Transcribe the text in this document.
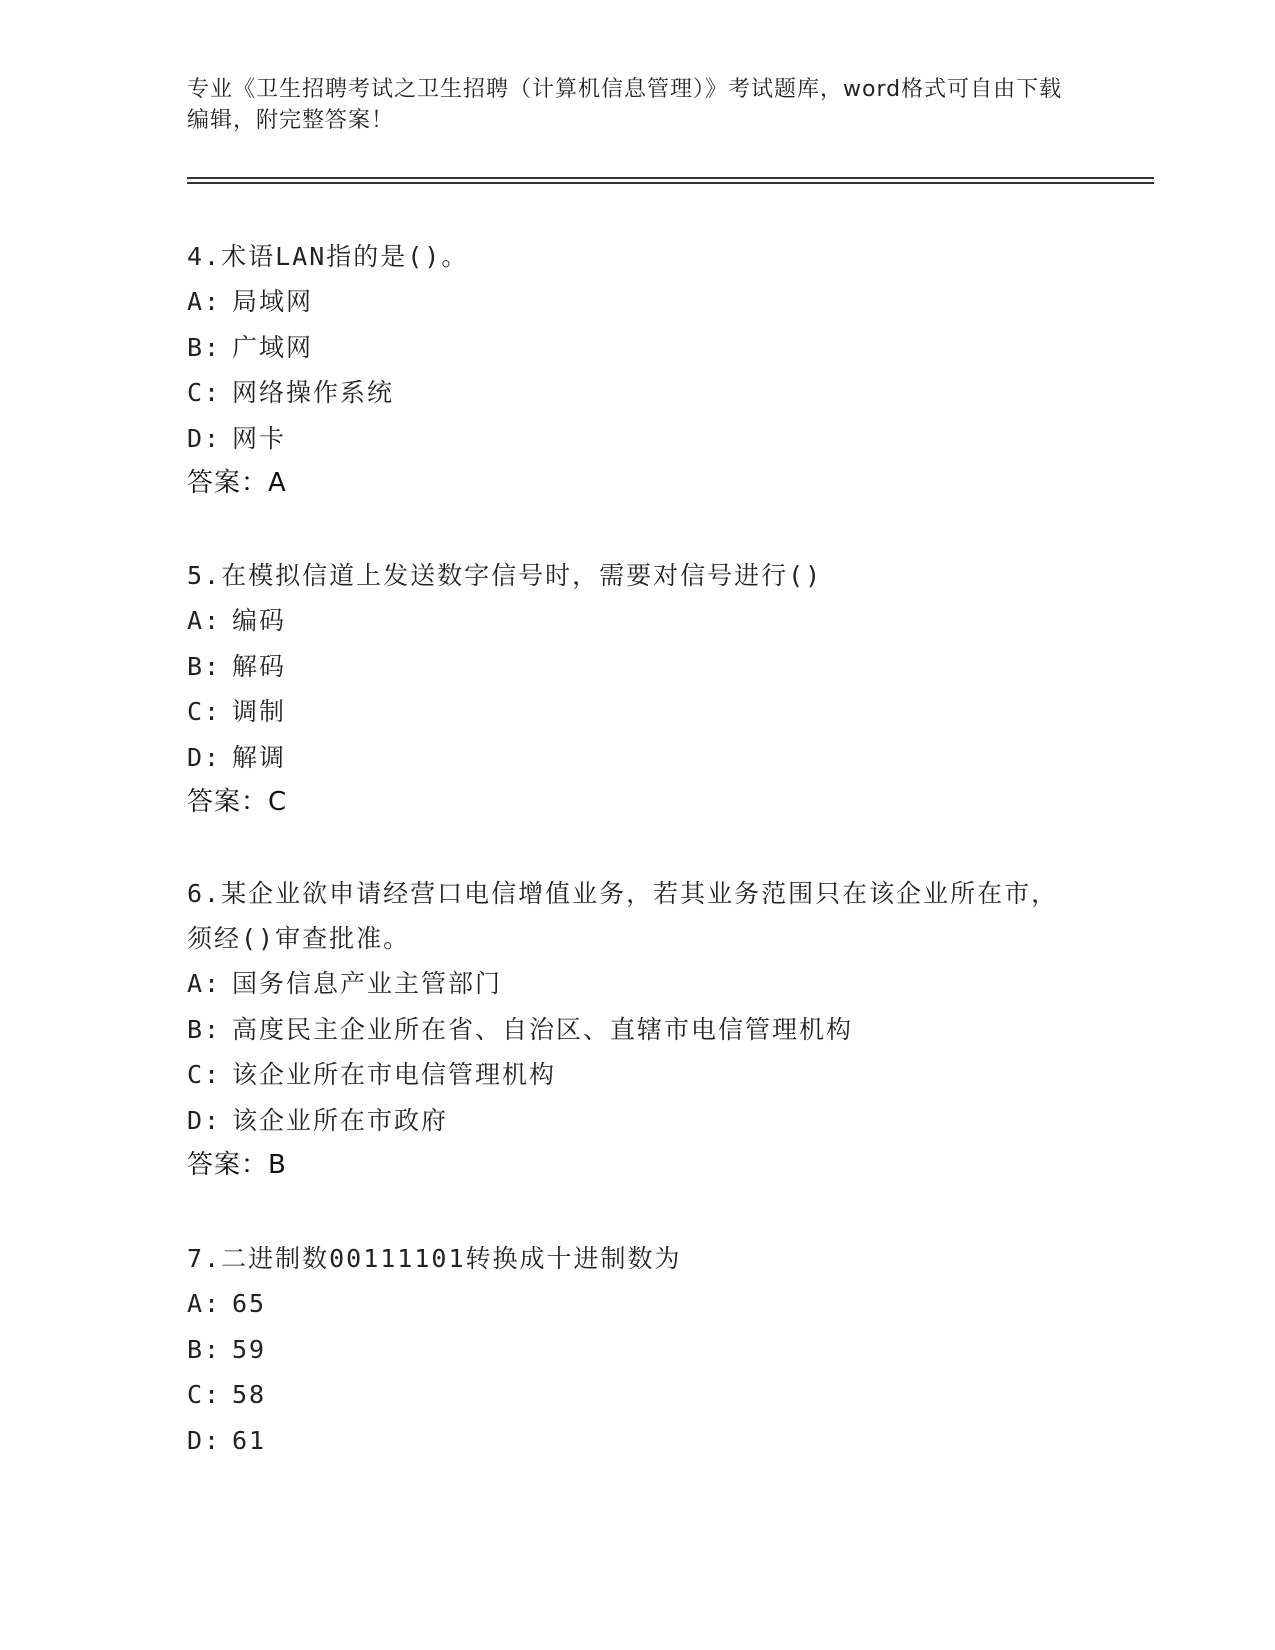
专业《卫生招聘考试之卫生招聘（计算机信息管理）》考试题库，word格式可自由下载编辑，附完整答案！
4.术语LAN指的是()。
A: 局域网
B: 广域网
C: 网络操作系统
D: 网卡
答案：A
5.在模拟信道上发送数字信号时，需要对信号进行()
A: 编码
B: 解码
C: 调制
D: 解调
答案：C
6.某企业欲申请经营口电信增值业务，若其业务范围只在该企业所在市，须经()审查批准。
A: 国务信息产业主管部门
B: 高度民主企业所在省、自治区、直辖市电信管理机构
C: 该企业所在市电信管理机构
D: 该企业所在市政府
答案：B
7.二进制数00111101转换成十进制数为
A: 65
B: 59
C: 58
D: 61
